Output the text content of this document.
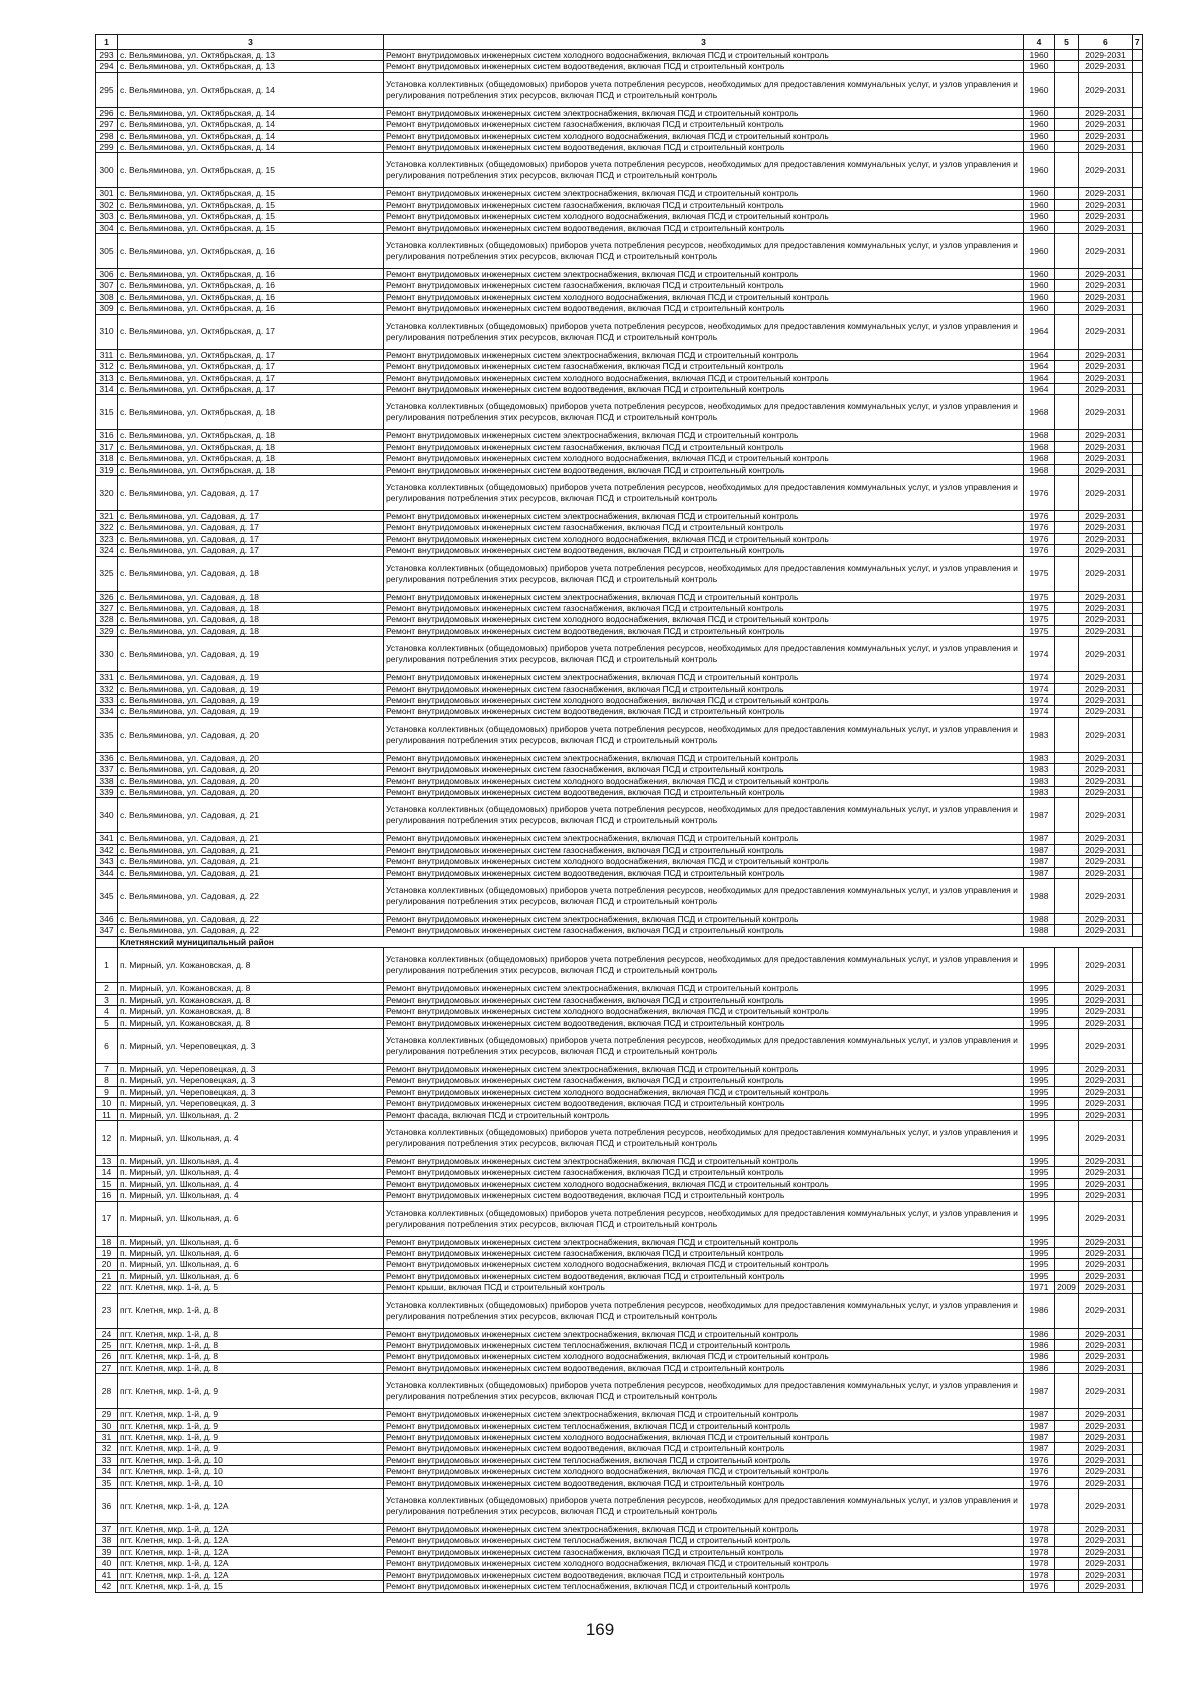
1	3	3	4	5	6	7
293	с. Вельяминова, ул. Октябрьская, д. 13	Ремонт внутридомовых инженерных систем холодного водоснабжения, включая ПСД и строительный контроль	1960		2029-2031	
294	с. Вельяминова, ул. Октябрьская, д. 13	Ремонт внутридомовых инженерных систем водоотведения, включая ПСД и строительный контроль	1960		2029-2031	
295	с. Вельяминова, ул. Октябрьская, д. 14	Установка коллективных (общедомовых) приборов учета потребления ресурсов, необходимых для предоставления коммунальных услуг, и узлов управления и регулирования потребления этих ресурсов, включая ПСД и строительный контроль	1960		2029-2031	
296	с. Вельяминова, ул. Октябрьская, д. 14	Ремонт внутридомовых инженерных систем электроснабжения, включая ПСД и строительный контроль	1960		2029-2031	
297	с. Вельяминова, ул. Октябрьская, д. 14	Ремонт внутридомовых инженерных систем газоснабжения, включая ПСД и строительный контроль	1960		2029-2031	
298	с. Вельяминова, ул. Октябрьская, д. 14	Ремонт внутридомовых инженерных систем холодного водоснабжения, включая ПСД и строительный контроль	1960		2029-2031	
299	с. Вельяминова, ул. Октябрьская, д. 14	Ремонт внутридомовых инженерных систем водоотведения, включая ПСД и строительный контроль	1960		2029-2031	
300	с. Вельяминова, ул. Октябрьская, д. 15	Установка коллективных (общедомовых) приборов учета потребления ресурсов, необходимых для предоставления коммунальных услуг, и узлов управления и регулирования потребления этих ресурсов, включая ПСД и строительный контроль	1960		2029-2031	
301	с. Вельяминова, ул. Октябрьская, д. 15	Ремонт внутридомовых инженерных систем электроснабжения, включая ПСД и строительный контроль	1960		2029-2031	
302	с. Вельяминова, ул. Октябрьская, д. 15	Ремонт внутридомовых инженерных систем газоснабжения, включая ПСД и строительный контроль	1960		2029-2031	
303	с. Вельяминова, ул. Октябрьская, д. 15	Ремонт внутридомовых инженерных систем холодного водоснабжения, включая ПСД и строительный контроль	1960		2029-2031	
304	с. Вельяминова, ул. Октябрьская, д. 15	Ремонт внутридомовых инженерных систем водоотведения, включая ПСД и строительный контроль	1960		2029-2031	
305	с. Вельяминова, ул. Октябрьская, д. 16	Установка коллективных (общедомовых) приборов учета потребления ресурсов, необходимых для предоставления коммунальных услуг, и узлов управления и регулирования потребления этих ресурсов, включая ПСД и строительный контроль	1960		2029-2031	
306	с. Вельяминова, ул. Октябрьская, д. 16	Ремонт внутридомовых инженерных систем электроснабжения, включая ПСД и строительный контроль	1960		2029-2031	
307	с. Вельяминова, ул. Октябрьская, д. 16	Ремонт внутридомовых инженерных систем газоснабжения, включая ПСД и строительный контроль	1960		2029-2031	
308	с. Вельяминова, ул. Октябрьская, д. 16	Ремонт внутридомовых инженерных систем холодного водоснабжения, включая ПСД и строительный контроль	1960		2029-2031	
309	с. Вельяминова, ул. Октябрьская, д. 16	Ремонт внутридомовых инженерных систем водоотведения, включая ПСД и строительный контроль	1960		2029-2031	
310	с. Вельяминова, ул. Октябрьская, д. 17	Установка коллективных (общедомовых) приборов учета потребления ресурсов, необходимых для предоставления коммунальных услуг, и узлов управления и регулирования потребления этих ресурсов, включая ПСД и строительный контроль	1964		2029-2031	
311	с. Вельяминова, ул. Октябрьская, д. 17	Ремонт внутридомовых инженерных систем электроснабжения, включая ПСД и строительный контроль	1964		2029-2031	
312	с. Вельяминова, ул. Октябрьская, д. 17	Ремонт внутридомовых инженерных систем газоснабжения, включая ПСД и строительный контроль	1964		2029-2031	
313	с. Вельяминова, ул. Октябрьская, д. 17	Ремонт внутридомовых инженерных систем холодного водоснабжения, включая ПСД и строительный контроль	1964		2029-2031	
314	с. Вельяминова, ул. Октябрьская, д. 17	Ремонт внутридомовых инженерных систем водоотведения, включая ПСД и строительный контроль	1964		2029-2031	
315	с. Вельяминова, ул. Октябрьская, д. 18	Установка коллективных (общедомовых) приборов учета потребления ресурсов, необходимых для предоставления коммунальных услуг, и узлов управления и регулирования потребления этих ресурсов, включая ПСД и строительный контроль	1968		2029-2031	
316	с. Вельяминова, ул. Октябрьская, д. 18	Ремонт внутридомовых инженерных систем электроснабжения, включая ПСД и строительный контроль	1968		2029-2031	
317	с. Вельяминова, ул. Октябрьская, д. 18	Ремонт внутридомовых инженерных систем газоснабжения, включая ПСД и строительный контроль	1968		2029-2031	
318	с. Вельяминова, ул. Октябрьская, д. 18	Ремонт внутридомовых инженерных систем холодного водоснабжения, включая ПСД и строительный контроль	1968		2029-2031	
319	с. Вельяминова, ул. Октябрьская, д. 18	Ремонт внутридомовых инженерных систем водоотведения, включая ПСД и строительный контроль	1968		2029-2031	
320	с. Вельяминова, ул. Садовая, д. 17	Установка коллективных (общедомовых) приборов учета потребления ресурсов, необходимых для предоставления коммунальных услуг, и узлов управления и регулирования потребления этих ресурсов, включая ПСД и строительный контроль	1976		2029-2031	
321	с. Вельяминова, ул. Садовая, д. 17	Ремонт внутридомовых инженерных систем электроснабжения, включая ПСД и строительный контроль	1976		2029-2031	
322	с. Вельяминова, ул. Садовая, д. 17	Ремонт внутридомовых инженерных систем газоснабжения, включая ПСД и строительный контроль	1976		2029-2031	
323	с. Вельяминова, ул. Садовая, д. 17	Ремонт внутридомовых инженерных систем холодного водоснабжения, включая ПСД и строительный контроль	1976		2029-2031	
324	с. Вельяминова, ул. Садовая, д. 17	Ремонт внутридомовых инженерных систем водоотведения, включая ПСД и строительный контроль	1976		2029-2031	
325	с. Вельяминова, ул. Садовая, д. 18	Установка коллективных (общедомовых) приборов учета потребления ресурсов, необходимых для предоставления коммунальных услуг, и узлов управления и регулирования потребления этих ресурсов, включая ПСД и строительный контроль	1975		2029-2031	
326	с. Вельяминова, ул. Садовая, д. 18	Ремонт внутридомовых инженерных систем электроснабжения, включая ПСД и строительный контроль	1975		2029-2031	
327	с. Вельяминова, ул. Садовая, д. 18	Ремонт внутридомовых инженерных систем газоснабжения, включая ПСД и строительный контроль	1975		2029-2031	
328	с. Вельяминова, ул. Садовая, д. 18	Ремонт внутридомовых инженерных систем холодного водоснабжения, включая ПСД и строительный контроль	1975		2029-2031	
329	с. Вельяминова, ул. Садовая, д. 18	Ремонт внутридомовых инженерных систем водоотведения, включая ПСД и строительный контроль	1975		2029-2031	
330	с. Вельяминова, ул. Садовая, д. 19	Установка коллективных (общедомовых) приборов учета потребления ресурсов, необходимых для предоставления коммунальных услуг, и узлов управления и регулирования потребления этих ресурсов, включая ПСД и строительный контроль	1974		2029-2031	
331	с. Вельяминова, ул. Садовая, д. 19	Ремонт внутридомовых инженерных систем электроснабжения, включая ПСД и строительный контроль	1974		2029-2031	
332	с. Вельяминова, ул. Садовая, д. 19	Ремонт внутридомовых инженерных систем газоснабжения, включая ПСД и строительный контроль	1974		2029-2031	
333	с. Вельяминова, ул. Садовая, д. 19	Ремонт внутридомовых инженерных систем холодного водоснабжения, включая ПСД и строительный контроль	1974		2029-2031	
334	с. Вельяминова, ул. Садовая, д. 19	Ремонт внутридомовых инженерных систем водоотведения, включая ПСД и строительный контроль	1974		2029-2031	
335	с. Вельяминова, ул. Садовая, д. 20	Установка коллективных (общедомовых) приборов учета потребления ресурсов, необходимых для предоставления коммунальных услуг, и узлов управления и регулирования потребления этих ресурсов, включая ПСД и строительный контроль	1983		2029-2031	
336	с. Вельяминова, ул. Садовая, д. 20	Ремонт внутридомовых инженерных систем электроснабжения, включая ПСД и строительный контроль	1983		2029-2031	
337	с. Вельяминова, ул. Садовая, д. 20	Ремонт внутридомовых инженерных систем газоснабжения, включая ПСД и строительный контроль	1983		2029-2031	
338	с. Вельяминова, ул. Садовая, д. 20	Ремонт внутридомовых инженерных систем холодного водоснабжения, включая ПСД и строительный контроль	1983		2029-2031	
339	с. Вельяминова, ул. Садовая, д. 20	Ремонт внутридомовых инженерных систем водоотведения, включая ПСД и строительный контроль	1983		2029-2031	
340	с. Вельяминова, ул. Садовая, д. 21	Установка коллективных (общедомовых) приборов учета потребления ресурсов, необходимых для предоставления коммунальных услуг, и узлов управления и регулирования потребления этих ресурсов, включая ПСД и строительный контроль	1987		2029-2031	
341	с. Вельяминова, ул. Садовая, д. 21	Ремонт внутридомовых инженерных систем электроснабжения, включая ПСД и строительный контроль	1987		2029-2031	
342	с. Вельяминова, ул. Садовая, д. 21	Ремонт внутридомовых инженерных систем газоснабжения, включая ПСД и строительный контроль	1987		2029-2031	
343	с. Вельяминова, ул. Садовая, д. 21	Ремонт внутридомовых инженерных систем холодного водоснабжения, включая ПСД и строительный контроль	1987		2029-2031	
344	с. Вельяминова, ул. Садовая, д. 21	Ремонт внутридомовых инженерных систем водоотведения, включая ПСД и строительный контроль	1987		2029-2031	
345	с. Вельяминова, ул. Садовая, д. 22	Установка коллективных (общедомовых) приборов учета потребления ресурсов, необходимых для предоставления коммунальных услуг, и узлов управления и регулирования потребления этих ресурсов, включая ПСД и строительный контроль	1988		2029-2031	
346	с. Вельяминова, ул. Садовая, д. 22	Ремонт внутридомовых инженерных систем электроснабжения, включая ПСД и строительный контроль	1988		2029-2031	
347	с. Вельяминова, ул. Садовая, д. 22	Ремонт внутридомовых инженерных систем газоснабжения, включая ПСД и строительный контроль	1988		2029-2031	
	Клетнянский муниципальный район					
1	п. Мирный, ул. Кожановская, д. 8	Установка коллективных (общедомовых) приборов учета потребления ресурсов, необходимых для предоставления коммунальных услуг, и узлов управления и регулирования потребления этих ресурсов, включая ПСД и строительный контроль	1995		2029-2031	
2	п. Мирный, ул. Кожановская, д. 8	Ремонт внутридомовых инженерных систем электроснабжения, включая ПСД и строительный контроль	1995		2029-2031	
3	п. Мирный, ул. Кожановская, д. 8	Ремонт внутридомовых инженерных систем газоснабжения, включая ПСД и строительный контроль	1995		2029-2031	
4	п. Мирный, ул. Кожановская, д. 8	Ремонт внутридомовых инженерных систем холодного водоснабжения, включая ПСД и строительный контроль	1995		2029-2031	
5	п. Мирный, ул. Кожановская, д. 8	Ремонт внутридомовых инженерных систем водоотведения, включая ПСД и строительный контроль	1995		2029-2031	
6	п. Мирный, ул. Череповецкая, д. 3	Установка коллективных (общедомовых) приборов учета потребления ресурсов, необходимых для предоставления коммунальных услуг, и узлов управления и регулирования потребления этих ресурсов, включая ПСД и строительный контроль	1995		2029-2031	
7	п. Мирный, ул. Череповецкая, д. 3	Ремонт внутридомовых инженерных систем электроснабжения, включая ПСД и строительный контроль	1995		2029-2031	
8	п. Мирный, ул. Череповецкая, д. 3	Ремонт внутридомовых инженерных систем газоснабжения, включая ПСД и строительный контроль	1995		2029-2031	
9	п. Мирный, ул. Череповецкая, д. 3	Ремонт внутридомовых инженерных систем холодного водоснабжения, включая ПСД и строительный контроль	1995		2029-2031	
10	п. Мирный, ул. Череповецкая, д. 3	Ремонт внутридомовых инженерных систем водоотведения, включая ПСД и строительный контроль	1995		2029-2031	
11	п. Мирный, ул. Школьная, д. 2	Ремонт фасада, включая ПСД и строительный контроль	1995		2029-2031	
12	п. Мирный, ул. Школьная, д. 4	Установка коллективных (общедомовых) приборов учета потребления ресурсов, необходимых для предоставления коммунальных услуг, и узлов управления и регулирования потребления этих ресурсов, включая ПСД и строительный контроль	1995		2029-2031	
13	п. Мирный, ул. Школьная, д. 4	Ремонт внутридомовых инженерных систем электроснабжения, включая ПСД и строительный контроль	1995		2029-2031	
14	п. Мирный, ул. Школьная, д. 4	Ремонт внутридомовых инженерных систем газоснабжения, включая ПСД и строительный контроль	1995		2029-2031	
15	п. Мирный, ул. Школьная, д. 4	Ремонт внутридомовых инженерных систем холодного водоснабжения, включая ПСД и строительный контроль	1995		2029-2031	
16	п. Мирный, ул. Школьная, д. 4	Ремонт внутридомовых инженерных систем водоотведения, включая ПСД и строительный контроль	1995		2029-2031	
17	п. Мирный, ул. Школьная, д. 6	Установка коллективных (общедомовых) приборов учета потребления ресурсов, необходимых для предоставления коммунальных услуг, и узлов управления и регулирования потребления этих ресурсов, включая ПСД и строительный контроль	1995		2029-2031	
18	п. Мирный, ул. Школьная, д. 6	Ремонт внутридомовых инженерных систем электроснабжения, включая ПСД и строительный контроль	1995		2029-2031	
19	п. Мирный, ул. Школьная, д. 6	Ремонт внутридомовых инженерных систем газоснабжения, включая ПСД и строительный контроль	1995		2029-2031	
20	п. Мирный, ул. Школьная, д. 6	Ремонт внутридомовых инженерных систем холодного водоснабжения, включая ПСД и строительный контроль	1995		2029-2031	
21	п. Мирный, ул. Школьная, д. 6	Ремонт внутридомовых инженерных систем водоотведения, включая ПСД и строительный контроль	1995		2029-2031	
22	пгт. Клетня, мкр. 1-й, д. 5	Ремонт крыши, включая ПСД и строительный контроль	1971	2009	2029-2031	
23	пгт. Клетня, мкр. 1-й, д. 8	Установка коллективных (общедомовых) приборов учета потребления ресурсов, необходимых для предоставления коммунальных услуг, и узлов управления и регулирования потребления этих ресурсов, включая ПСД и строительный контроль	1986		2029-2031	
24	пгт. Клетня, мкр. 1-й, д. 8	Ремонт внутридомовых инженерных систем электроснабжения, включая ПСД и строительный контроль	1986		2029-2031	
25	пгт. Клетня, мкр. 1-й, д. 8	Ремонт внутридомовых инженерных систем теплоснабжения, включая ПСД и строительный контроль	1986		2029-2031	
26	пгт. Клетня, мкр. 1-й, д. 8	Ремонт внутридомовых инженерных систем холодного водоснабжения, включая ПСД и строительный контроль	1986		2029-2031	
27	пгт. Клетня, мкр. 1-й, д. 8	Ремонт внутридомовых инженерных систем водоотведения, включая ПСД и строительный контроль	1986		2029-2031	
28	пгт. Клетня, мкр. 1-й, д. 9	Установка коллективных (общедомовых) приборов учета потребления ресурсов, необходимых для предоставления коммунальных услуг, и узлов управления и регулирования потребления этих ресурсов, включая ПСД и строительный контроль	1987		2029-2031	
29	пгт. Клетня, мкр. 1-й, д. 9	Ремонт внутридомовых инженерных систем электроснабжения, включая ПСД и строительный контроль	1987		2029-2031	
30	пгт. Клетня, мкр. 1-й, д. 9	Ремонт внутридомовых инженерных систем теплоснабжения, включая ПСД и строительный контроль	1987		2029-2031	
31	пгт. Клетня, мкр. 1-й, д. 9	Ремонт внутридомовых инженерных систем холодного водоснабжения, включая ПСД и строительный контроль	1987		2029-2031	
32	пгт. Клетня, мкр. 1-й, д. 9	Ремонт внутридомовых инженерных систем водоотведения, включая ПСД и строительный контроль	1987		2029-2031	
33	пгт. Клетня, мкр. 1-й, д. 10	Ремонт внутридомовых инженерных систем теплоснабжения, включая ПСД и строительный контроль	1976		2029-2031	
34	пгт. Клетня, мкр. 1-й, д. 10	Ремонт внутридомовых инженерных систем холодного водоснабжения, включая ПСД и строительный контроль	1976		2029-2031	
35	пгт. Клетня, мкр. 1-й, д. 10	Ремонт внутридомовых инженерных систем водоотведения, включая ПСД и строительный контроль	1976		2029-2031	
36	пгт. Клетня, мкр. 1-й, д. 12А	Установка коллективных (общедомовых) приборов учета потребления ресурсов, необходимых для предоставления коммунальных услуг, и узлов управления и регулирования потребления этих ресурсов, включая ПСД и строительный контроль	1978		2029-2031	
37	пгт. Клетня, мкр. 1-й, д. 12А	Ремонт внутридомовых инженерных систем электроснабжения, включая ПСД и строительный контроль	1978		2029-2031	
38	пгт. Клетня, мкр. 1-й, д. 12А	Ремонт внутридомовых инженерных систем теплоснабжения, включая ПСД и строительный контроль	1978		2029-2031	
39	пгт. Клетня, мкр. 1-й, д. 12А	Ремонт внутридомовых инженерных систем газоснабжения, включая ПСД и строительный контроль	1978		2029-2031	
40	пгт. Клетня, мкр. 1-й, д. 12А	Ремонт внутридомовых инженерных систем холодного водоснабжения, включая ПСД и строительный контроль	1978		2029-2031	
41	пгт. Клетня, мкр. 1-й, д. 12А	Ремонт внутридомовых инженерных систем водоотведения, включая ПСД и строительный контроль	1978		2029-2031	
42	пгт. Клетня, мкр. 1-й, д. 15	Ремонт внутридомовых инженерных систем теплоснабжения, включая ПСД и строительный контроль	1976		2029-2031	
169
